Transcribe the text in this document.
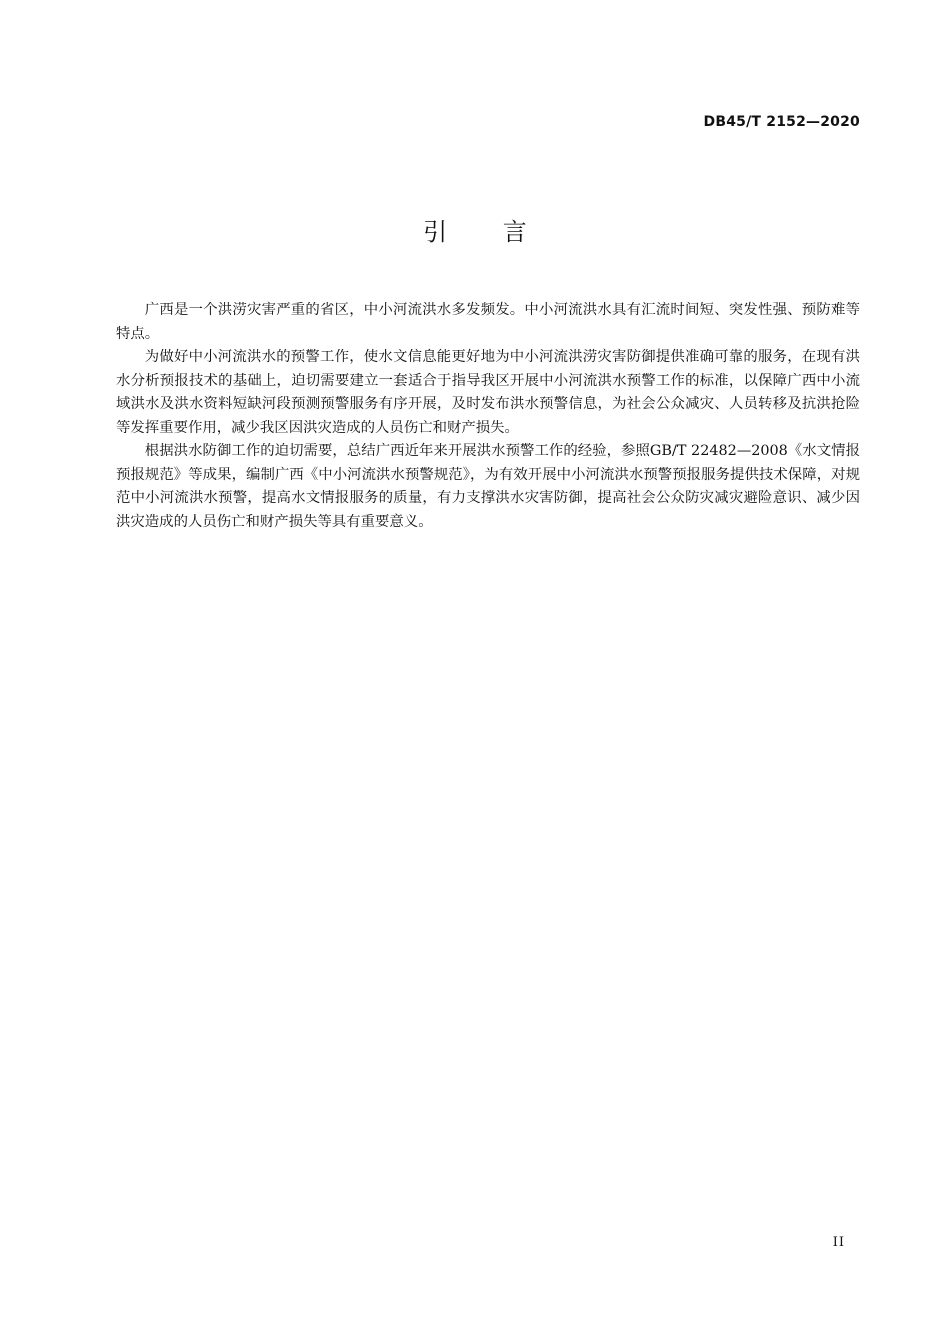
DB45/T 2152—2020
引 言

广西是一个洪涝灾害严重的省区，中小河流洪水多发频发。中小河流洪水具有汇流时间短、突发性强、预防难等特点。

为做好中小河流洪水的预警工作，使水文信息能更好地为中小河流洪涝灾害防御提供准确可靠的服务，在现有洪水分析预报技术的基础上，迫切需要建立一套适合于指导我区开展中小河流洪水预警工作的标准，以保障广西中小流域洪水及洪水资料短缺河段预测预警服务有序开展，及时发布洪水预警信息，为社会公众减灾、人员转移及抗洪抢险等发挥重要作用，减少我区因洪灾造成的人员伤亡和财产损失。

根据洪水防御工作的迫切需要，总结广西近年来开展洪水预警工作的经验，参照GB/T 22482—2008《水文情报预报规范》等成果，编制广西《中小河流洪水预警规范》，为有效开展中小河流洪水预警预报服务提供技术保障，对规范中小河流洪水预警，提高水文情报服务的质量，有力支撑洪水灾害防御，提高社会公众防灾减灾避险意识、减少因洪灾造成的人员伤亡和财产损失等具有重要意义。

II
